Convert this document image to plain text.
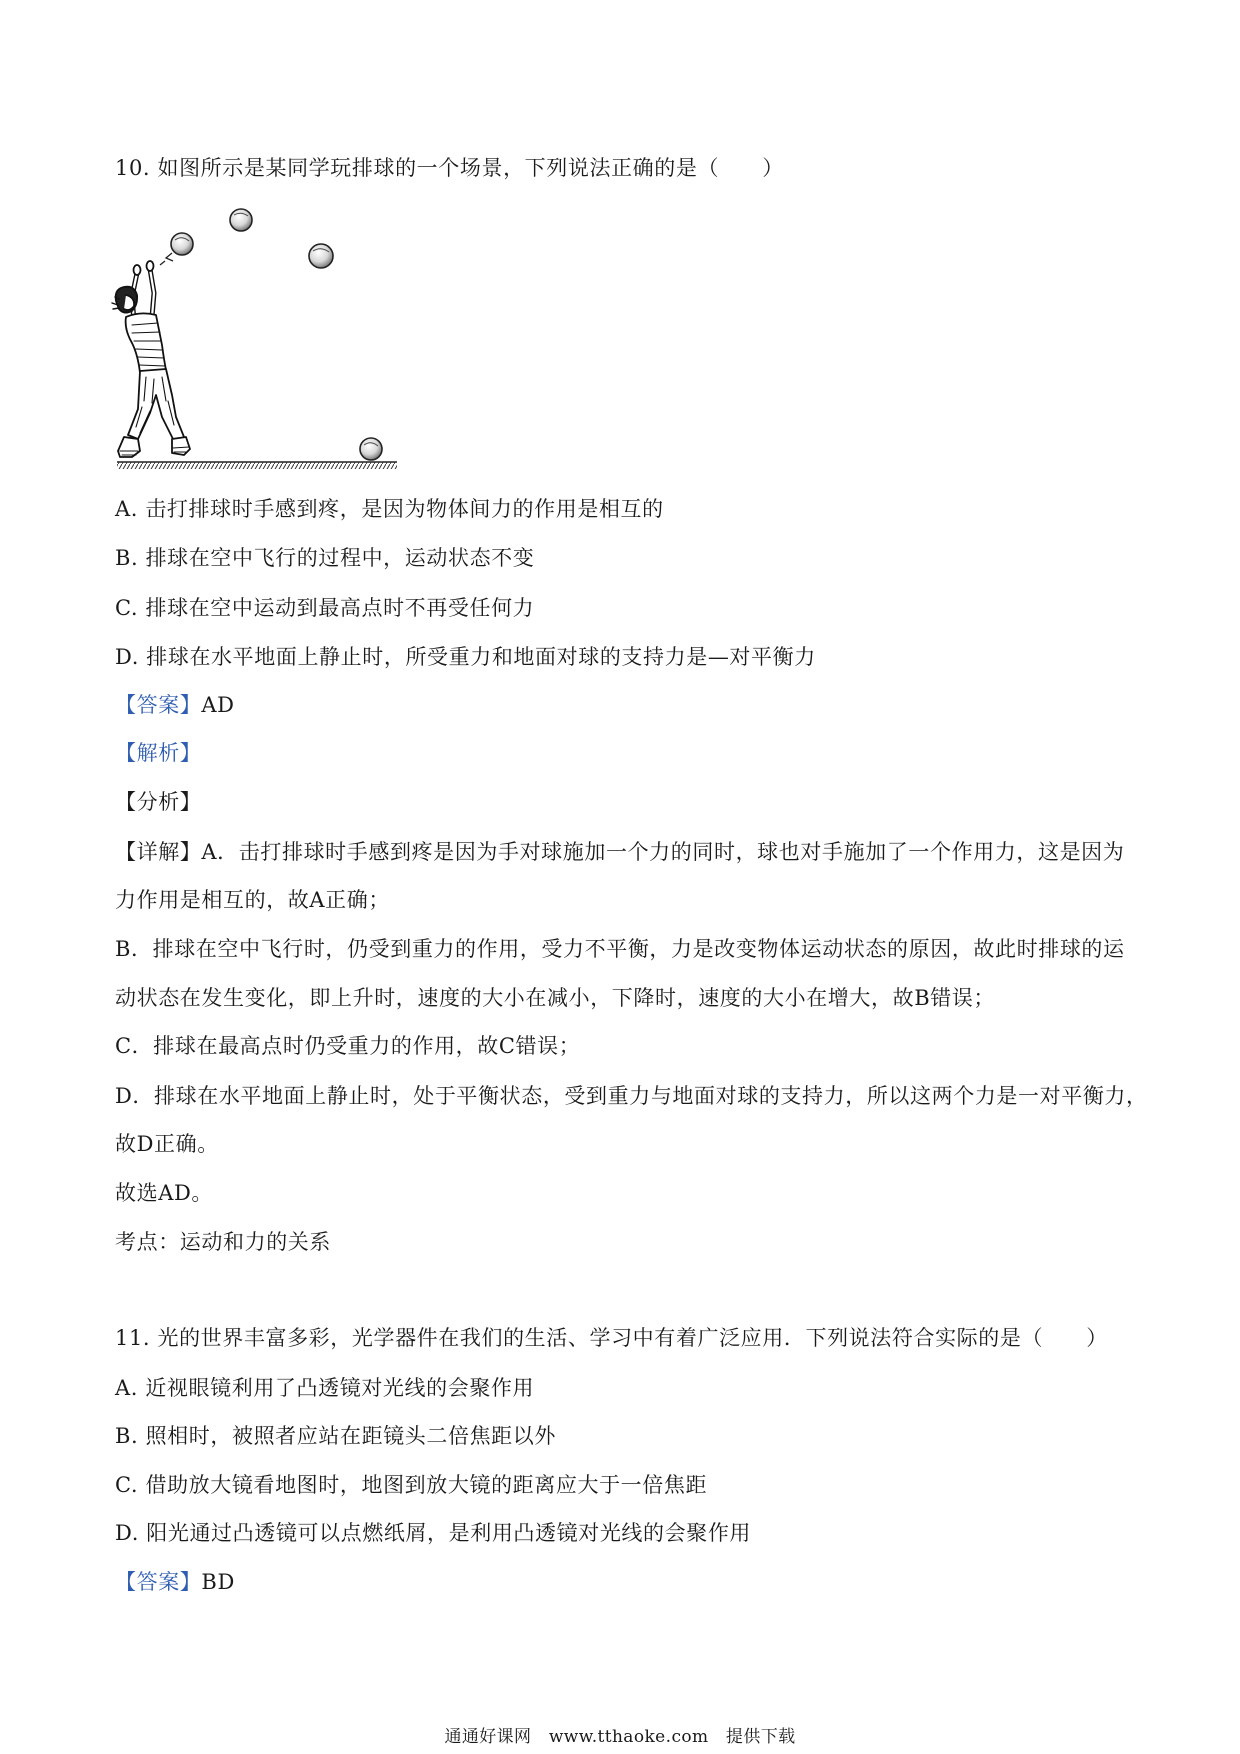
10. 如图所示是某同学玩排球的一个场景，下列说法正确的是（　　）
A. 击打排球时手感到疼，是因为物体间力的作用是相互的
B. 排球在空中飞行的过程中，运动状态不变
C. 排球在空中运动到最高点时不再受任何力
D. 排球在水平地面上静止时，所受重力和地面对球的支持力是—对平衡力
【答案】AD
【解析】
【分析】
【详解】A．击打排球时手感到疼是因为手对球施加一个力的同时，球也对手施加了一个作用力，这是因为
力作用是相互的，故A正确；
B．排球在空中飞行时，仍受到重力的作用，受力不平衡，力是改变物体运动状态的原因，故此时排球的运
动状态在发生变化，即上升时，速度的大小在减小，下降时，速度的大小在增大，故B错误；
C．排球在最高点时仍受重力的作用，故C错误；
D．排球在水平地面上静止时，处于平衡状态，受到重力与地面对球的支持力，所以这两个力是一对平衡力，
故D正确。
故选AD。
考点：运动和力的关系
11. 光的世界丰富多彩，光学器件在我们的生活、学习中有着广泛应用．下列说法符合实际的是（　　）
A. 近视眼镜利用了凸透镜对光线的会聚作用
B. 照相时，被照者应站在距镜头二倍焦距以外
C. 借助放大镜看地图时，地图到放大镜的距离应大于一倍焦距
D. 阳光通过凸透镜可以点燃纸屑，是利用凸透镜对光线的会聚作用
【答案】BD
通通好课网　www.tthaoke.com　提供下载
